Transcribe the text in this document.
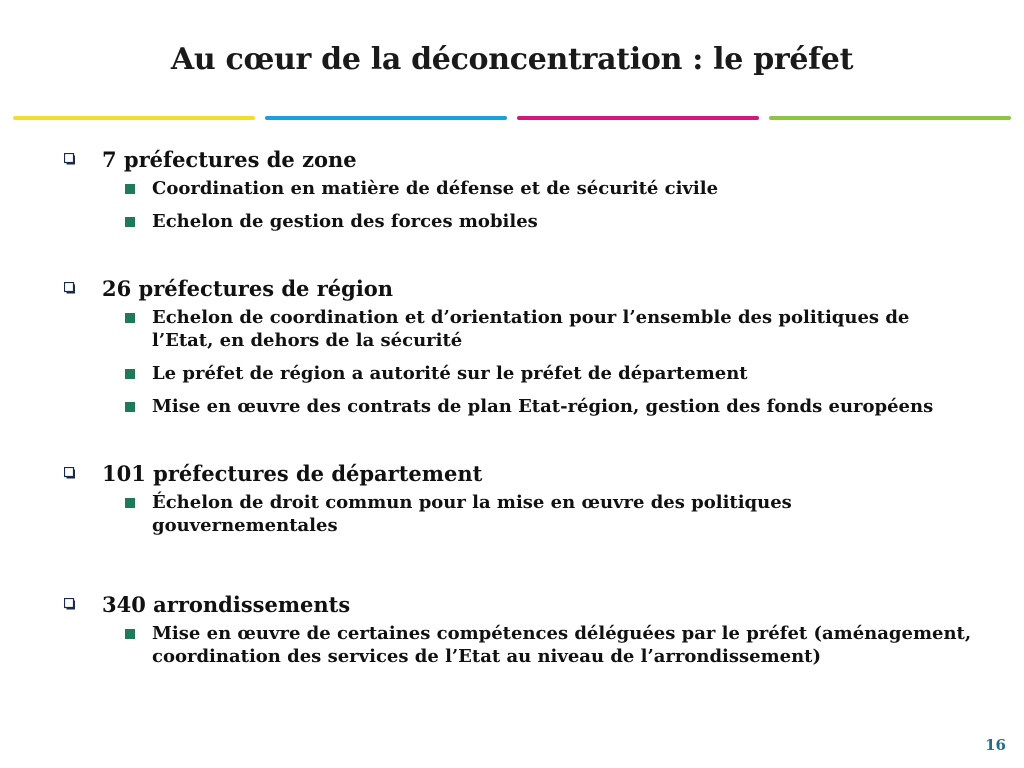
Au cœur de la déconcentration : le préfet
7 préfectures de zone
Coordination en matière de défense et de sécurité civile
Echelon de gestion des forces mobiles
26 préfectures de région
Echelon de coordination et d’orientation pour l’ensemble des politiques de l’Etat, en dehors de la sécurité
Le préfet de région a autorité sur le préfet de département
Mise en œuvre des contrats de plan Etat-région, gestion des fonds européens
101 préfectures de département
Échelon de droit commun pour la mise en œuvre des politiques gouvernementales
340 arrondissements
Mise en œuvre de certaines compétences déléguées par le préfet (aménagement, coordination des services de l’Etat au niveau de l’arrondissement)
16
